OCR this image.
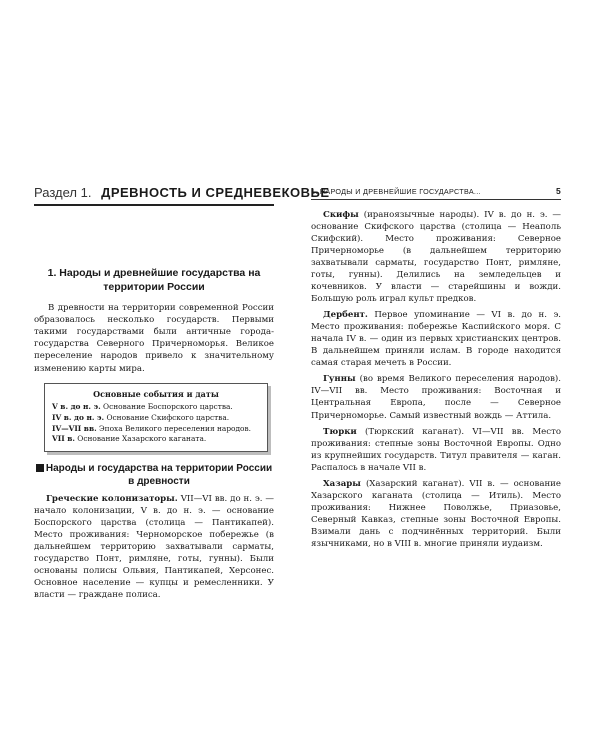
Раздел 1. ДРЕВНОСТЬ И СРЕДНЕВЕКОВЬЕ
1. Народы и древнейшие государства на территории России

В древности на территории современной России образовалось несколько государств. Первыми такими государствами были античные города-государства Северного Причерноморья. Великое переселение народов привело к значительному изменению карты мира.

Основные события и даты
V в. до н. э. Основание Боспорского царства.
IV в. до н. э. Основание Скифского царства.
IV—VII вв. Эпоха Великого переселения народов.
VII в. Основание Хазарского каганата.
Народы и государства на территории России в древности

Греческие колонизаторы. VII—VI вв. до н. э. — начало колонизации, V в. до н. э. — основание Боспорского царства (столица — Пантикапей). Место проживания: Черноморское побережье (в дальнейшем территорию захватывали сарматы, государство Понт, римляне, готы, гунны). Были основаны полисы Ольвия, Пантикапей, Херсонес. Основное население — купцы и ремесленники. У власти — граждане полиса.

1. НАРОДЫ И ДРЕВНЕЙШИЕ ГОСУДАРСТВА...	5

Скифы (ираноязычные народы). IV в. до н. э. — основание Скифского царства (столица — Неаполь Скифский). Место проживания: Северное Причерноморье (в дальнейшем территорию захватывали сарматы, государство Понт, римляне, готы, гунны). Делились на земледельцев и кочевников. У власти — старейшины и вожди. Большую роль играл культ предков.

Дербент. Первое упоминание — VI в. до н. э. Место проживания: побережье Каспийского моря. С начала IV в. — один из первых христианских центров. В дальнейшем приняли ислам. В городе находится самая старая мечеть в России.

Гунны (во время Великого переселения народов). IV—VII вв. Место проживания: Восточная и Центральная Европа, после — Северное Причерноморье. Самый известный вождь — Аттила.

Тюрки (Тюркский каганат). VI—VII вв. Место проживания: степные зоны Восточной Европы. Одно из крупнейших государств. Титул правителя — каган. Распалось в начале VII в.

Хазары (Хазарский каганат). VII в. — основание Хазарского каганата (столица — Итиль). Место проживания: Нижнее Поволжье, Приазовье, Северный Кавказ, степные зоны Восточной Европы. Взимали дань с подчинённых территорий. Были язычниками, но в VIII в. многие приняли иудаизм.
